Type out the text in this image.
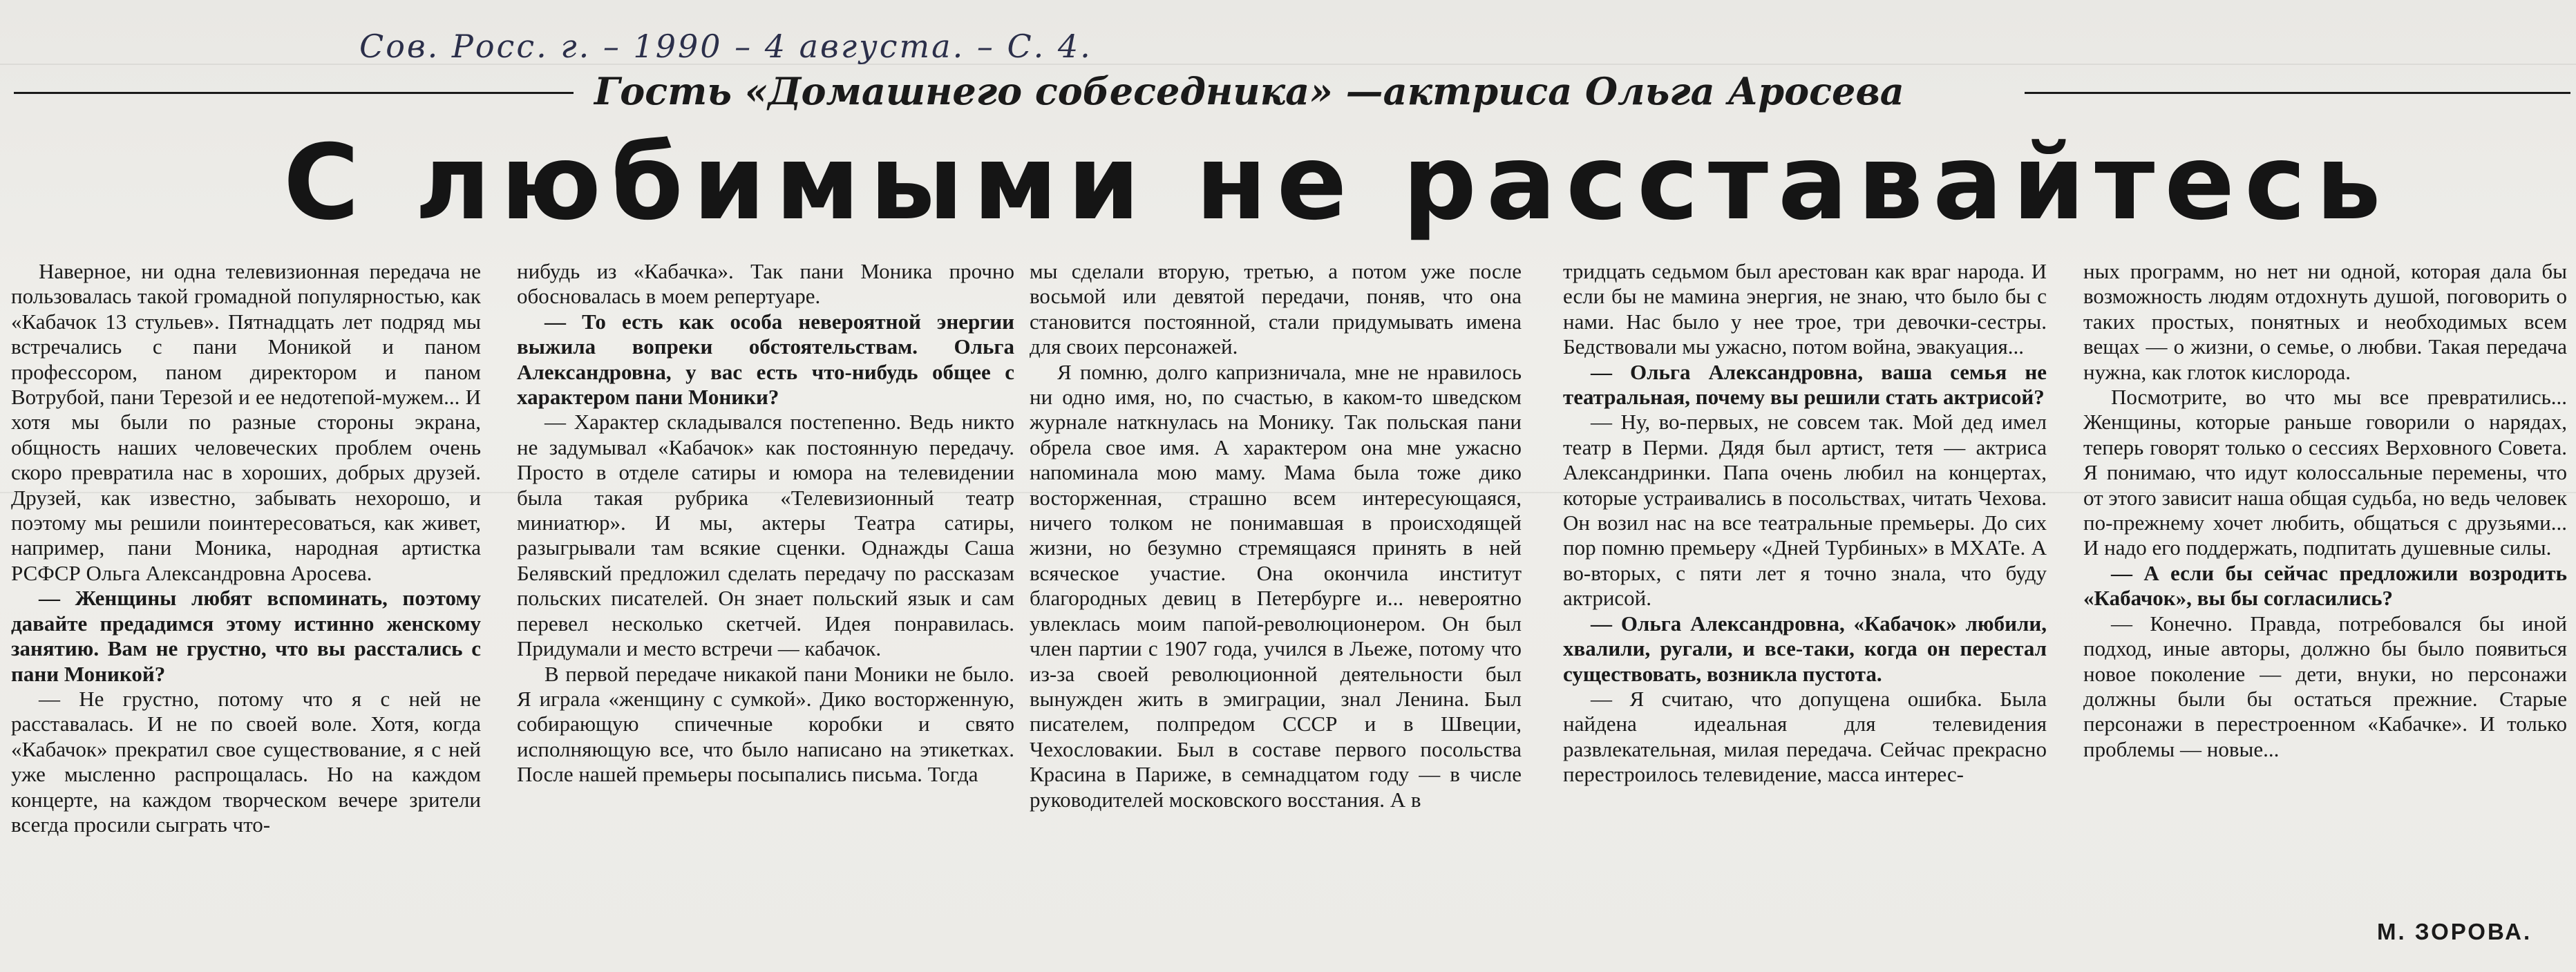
Сов. Росс. г. – 1990 – 4 августа. – С. 4.
Гость «Домашнего собеседника» —актриса Ольга Аросева
С любимыми не расставайтесь

Наверное, ни одна телевизионная передача не пользовалась такой громадной популярностью, как «Кабачок 13 стульев». Пятнадцать лет подряд мы встречались с пани Моникой и паном профессором, паном директором и паном Вотрубой, пани Терезой и ее недотепой-мужем... И хотя мы были по разные стороны экрана, общность наших человеческих проблем очень скоро превратила нас в хороших, добрых друзей. Друзей, как известно, забывать нехорошо, и поэтому мы решили поинтересоваться, как живет, например, пани Моника, народная артистка РСФСР Ольга Александровна Аросева.

— Женщины любят вспоминать, поэтому давайте предадимся этому истинно женскому занятию. Вам не грустно, что вы расстались с пани Моникой?

— Не грустно, потому что я с ней не расставалась. И не по своей воле. Хотя, когда «Кабачок» прекратил свое существование, я с ней уже мысленно распрощалась. Но на каждом концерте, на каждом творческом вечере зрители всегда просили сыграть что-

нибудь из «Кабачка». Так пани Моника прочно обосновалась в моем репертуаре.

— То есть как особа невероятной энергии выжила вопреки обстоятельствам. Ольга Александровна, у вас есть что-нибудь общее с характером пани Моники?

— Характер складывался постепенно. Ведь никто не задумывал «Кабачок» как постоянную передачу. Просто в отделе сатиры и юмора на телевидении была такая рубрика «Телевизионный театр миниатюр». И мы, актеры Театра сатиры, разыгрывали там всякие сценки. Однажды Саша Белявский предложил сделать передачу по рассказам польских писателей. Он знает польский язык и сам перевел несколько скетчей. Идея понравилась. Придумали и место встречи — кабачок.

В первой передаче никакой пани Моники не было. Я играла «женщину с сумкой». Дико восторженную, собирающую спичечные коробки и свято исполняющую все, что было написано на этикетках. После нашей премьеры посыпались письма. Тогда

мы сделали вторую, третью, а потом уже после восьмой или девятой передачи, поняв, что она становится постоянной, стали придумывать имена для своих персонажей.

Я помню, долго капризничала, мне не нравилось ни одно имя, но, по счастью, в каком-то шведском журнале наткнулась на Монику. Так польская пани обрела свое имя. А характером она мне ужасно напоминала мою маму. Мама была тоже дико восторженная, страшно всем интересующаяся, ничего толком не понимавшая в происходящей жизни, но безумно стремящаяся принять в ней всяческое участие. Она окончила институт благородных девиц в Петербурге и... невероятно увлеклась моим папой-революционером. Он был член партии с 1907 года, учился в Льеже, потому что из-за своей революционной деятельности был вынужден жить в эмиграции, знал Ленина. Был писателем, полпредом СССР и в Швеции, Чехословакии. Был в составе первого посольства Красина в Париже, в семнадцатом году — в числе руководителей московского восстания. А в

тридцать седьмом был арестован как враг народа. И если бы не мамина энергия, не знаю, что было бы с нами. Нас было у нее трое, три девочки-сестры. Бедствовали мы ужасно, потом война, эвакуация...

— Ольга Александровна, ваша семья не театральная, почему вы решили стать актрисой?

— Ну, во-первых, не совсем так. Мой дед имел театр в Перми. Дядя был артист, тетя — актриса Александринки. Папа очень любил на концертах, которые устраивались в посольствах, читать Чехова. Он возил нас на все театральные премьеры. До сих пор помню премьеру «Дней Турбиных» в МХАТе. А во-вторых, с пяти лет я точно знала, что буду актрисой.

— Ольга Александровна, «Кабачок» любили, хвалили, ругали, и все-таки, когда он перестал существовать, возникла пустота.

— Я считаю, что допущена ошибка. Была найдена идеальная для телевидения развлекательная, милая передача. Сейчас прекрасно перестроилось телевидение, масса интерес-

ных программ, но нет ни одной, которая дала бы возможность людям отдохнуть душой, поговорить о таких простых, понятных и необходимых всем вещах — о жизни, о семье, о любви. Такая передача нужна, как глоток кислорода.

Посмотрите, во что мы все превратились... Женщины, которые раньше говорили о нарядах, теперь говорят только о сессиях Верховного Совета. Я понимаю, что идут колоссальные перемены, что от этого зависит наша общая судьба, но ведь человек по-прежнему хочет любить, общаться с друзьями... И надо его поддержать, подпитать душевные силы.

— А если бы сейчас предложили возродить «Кабачок», вы бы согласились?

— Конечно. Правда, потребовался бы иной подход, иные авторы, должно бы было появиться новое поколение — дети, внуки, но персонажи должны были бы остаться прежние. Старые персонажи в перестроенном «Кабачке». И только проблемы — новые...

М. ЗОРОВА.
